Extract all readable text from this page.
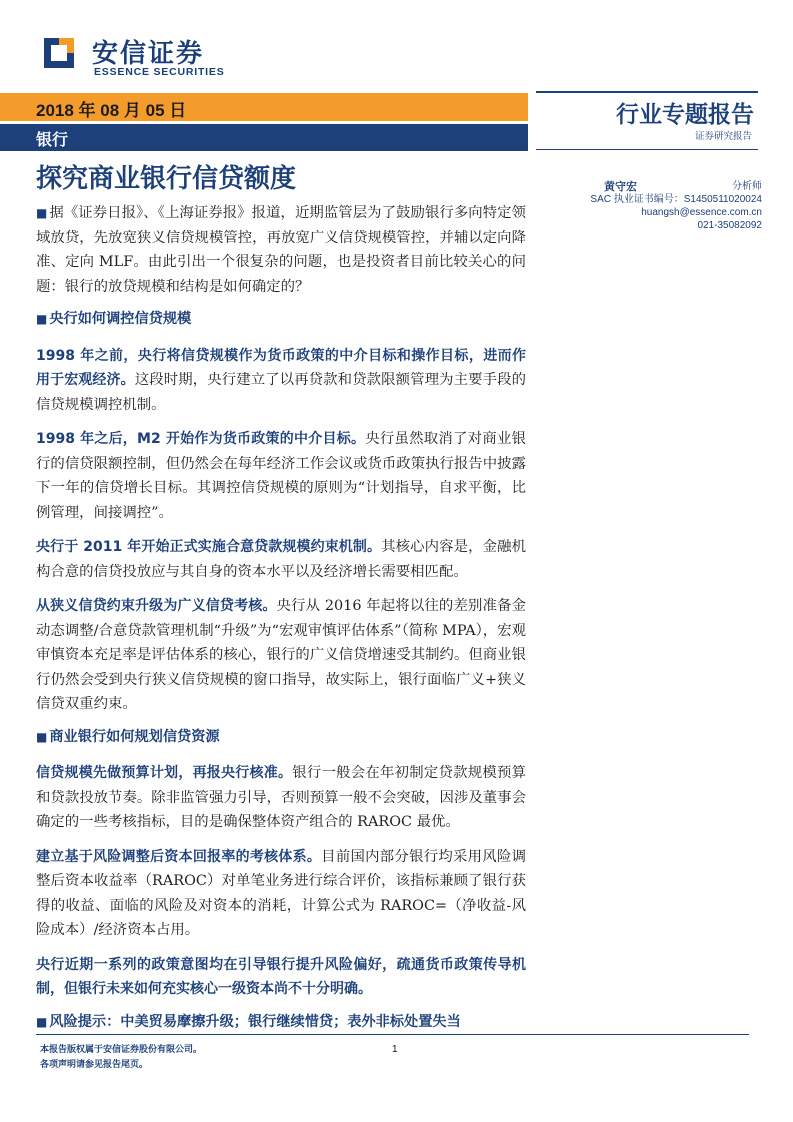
安信证券
ESSENCE SECURITIES
2018 年 08 月 05 日
银行
行业专题报告
证券研究报告
探究商业银行信贷额度	黄守宏	分析师
SAC 执业证书编号：S1450511020024
huangsh@essence.com.cn
021-35082092

■ 据《证券日报》、《上海证券报》报道，近期监管层为了鼓励银行多向特定领域放贷，先放宽狭义信贷规模管控，再放宽广义信贷规模管控，并辅以定向降准、定向 MLF。由此引出一个很复杂的问题，也是投资者目前比较关心的问题：银行的放贷规模和结构是如何确定的？

■ 央行如何调控信贷规模

1998 年之前，央行将信贷规模作为货币政策的中介目标和操作目标，进而作用于宏观经济。这段时期，央行建立了以再贷款和贷款限额管理为主要手段的信贷规模调控机制。

1998 年之后，M2 开始作为货币政策的中介目标。央行虽然取消了对商业银行的信贷限额控制，但仍然会在每年经济工作会议或货币政策执行报告中披露下一年的信贷增长目标。其调控信贷规模的原则为“计划指导，自求平衡，比例管理，间接调控”。

央行于 2011 年开始正式实施合意贷款规模约束机制。其核心内容是，金融机构合意的信贷投放应与其自身的资本水平以及经济增长需要相匹配。

从狭义信贷约束升级为广义信贷考核。央行从 2016 年起将以往的差别准备金动态调整/合意贷款管理机制“升级”为“宏观审慎评估体系”（简称 MPA），宏观审慎资本充足率是评估体系的核心，银行的广义信贷增速受其制约。但商业银行仍然会受到央行狭义信贷规模的窗口指导，故实际上，银行面临广义+狭义信贷双重约束。

■ 商业银行如何规划信贷资源

信贷规模先做预算计划，再报央行核准。银行一般会在年初制定贷款规模预算和贷款投放节奏。除非监管强力引导，否则预算一般不会突破，因涉及董事会确定的一些考核指标，目的是确保整体资产组合的 RAROC 最优。

建立基于风险调整后资本回报率的考核体系。目前国内部分银行均采用风险调整后资本收益率（RAROC）对单笔业务进行综合评价，该指标兼顾了银行获得的收益、面临的风险及对资本的消耗，计算公式为 RAROC=（净收益-风险成本）/经济资本占用。

央行近期一系列的政策意图均在引导银行提升风险偏好，疏通货币政策传导机制，但银行未来如何充实核心一级资本尚不十分明确。

■ 风险提示：中美贸易摩擦升级；银行继续惜贷；表外非标处置失当

本报告版权属于安信证券股份有限公司。
各项声明请参见报告尾页。
1
